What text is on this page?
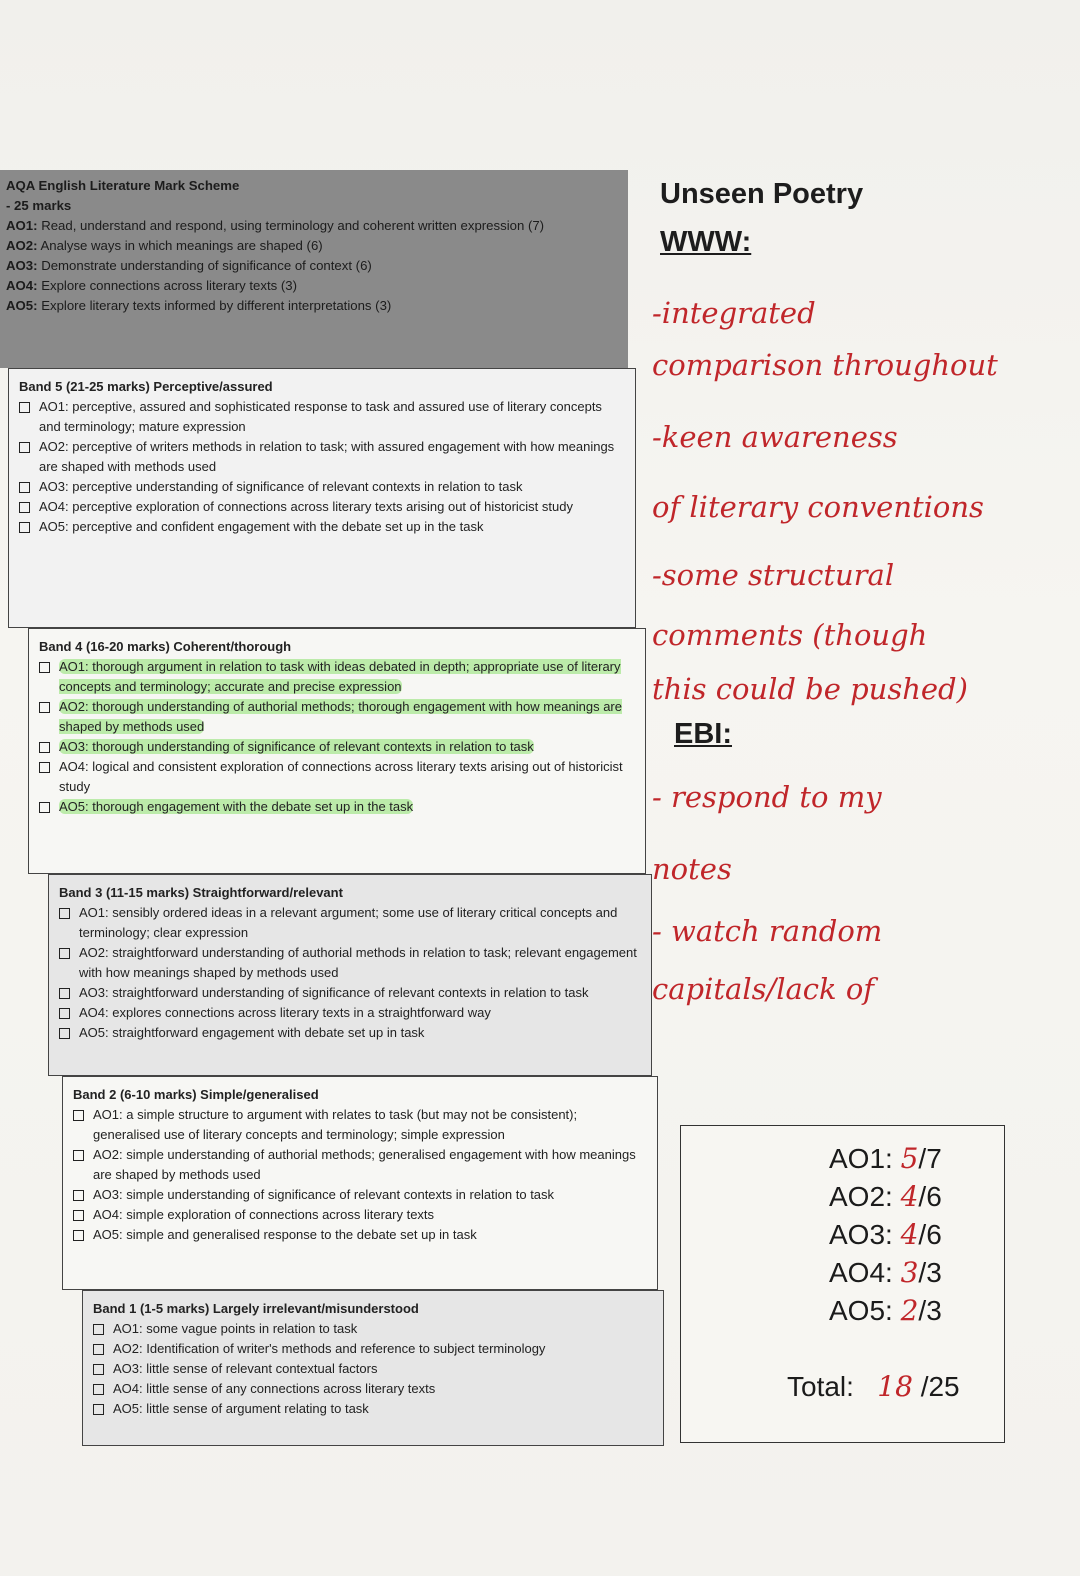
AQA English Literature Mark Scheme
- 25 marks
AO1: Read, understand and respond, using terminology and coherent written expression (7)
AO2: Analyse ways in which meanings are shaped (6)
AO3: Demonstrate understanding of significance of context (6)
AO4: Explore connections across literary texts (3)
AO5: Explore literary texts informed by different interpretations (3)
Band 5 (21-25 marks) Perceptive/assured
AO1: perceptive, assured and sophisticated response to task and assured use of literary concepts and terminology; mature expression
AO2: perceptive of writers methods in relation to task; with assured engagement with how meanings are shaped with methods used
AO3: perceptive understanding of significance of relevant contexts in relation to task
AO4: perceptive exploration of connections across literary texts arising out of historicist study
AO5: perceptive and confident engagement with the debate set up in the task
Band 4 (16-20 marks) Coherent/thorough
AO1: thorough argument in relation to task with ideas debated in depth; appropriate use of literary concepts and terminology; accurate and precise expression
AO2: thorough understanding of authorial methods; thorough engagement with how meanings are shaped by methods used
AO3: thorough understanding of significance of relevant contexts in relation to task
AO4: logical and consistent exploration of connections across literary texts arising out of historicist study
AO5: thorough engagement with the debate set up in the task
Band 3 (11-15 marks) Straightforward/relevant
AO1: sensibly ordered ideas in a relevant argument; some use of literary critical concepts and terminology; clear expression
AO2: straightforward understanding of authorial methods in relation to task; relevant engagement with how meanings shaped by methods used
AO3: straightforward understanding of significance of relevant contexts in relation to task
AO4: explores connections across literary texts in a straightforward way
AO5: straightforward engagement with debate set up in task
Band 2 (6-10 marks) Simple/generalised
AO1: a simple structure to argument with relates to task (but may not be consistent); generalised use of literary concepts and terminology; simple expression
AO2: simple understanding of authorial methods; generalised engagement with how meanings are shaped by methods used
AO3: simple understanding of significance of relevant contexts in relation to task
AO4: simple exploration of connections across literary texts
AO5: simple and generalised response to the debate set up in task
Band 1 (1-5 marks) Largely irrelevant/misunderstood
AO1: some vague points in relation to task
AO2: Identification of writer's methods and reference to subject terminology
AO3: little sense of relevant contextual factors
AO4: little sense of any connections across literary texts
AO5: little sense of argument relating to task
Unseen Poetry
WWW:
-integrated
comparison throughout
-keen awareness
of literary conventions
-some structural
comments (though
this could be pushed)
EBI:
- respond to my
notes
- watch random
capitals/lack of
AO1: 5/7
AO2: 4/6
AO3: 4/6
AO4: 3/3
AO5: 2/3
Total: 18 /25
